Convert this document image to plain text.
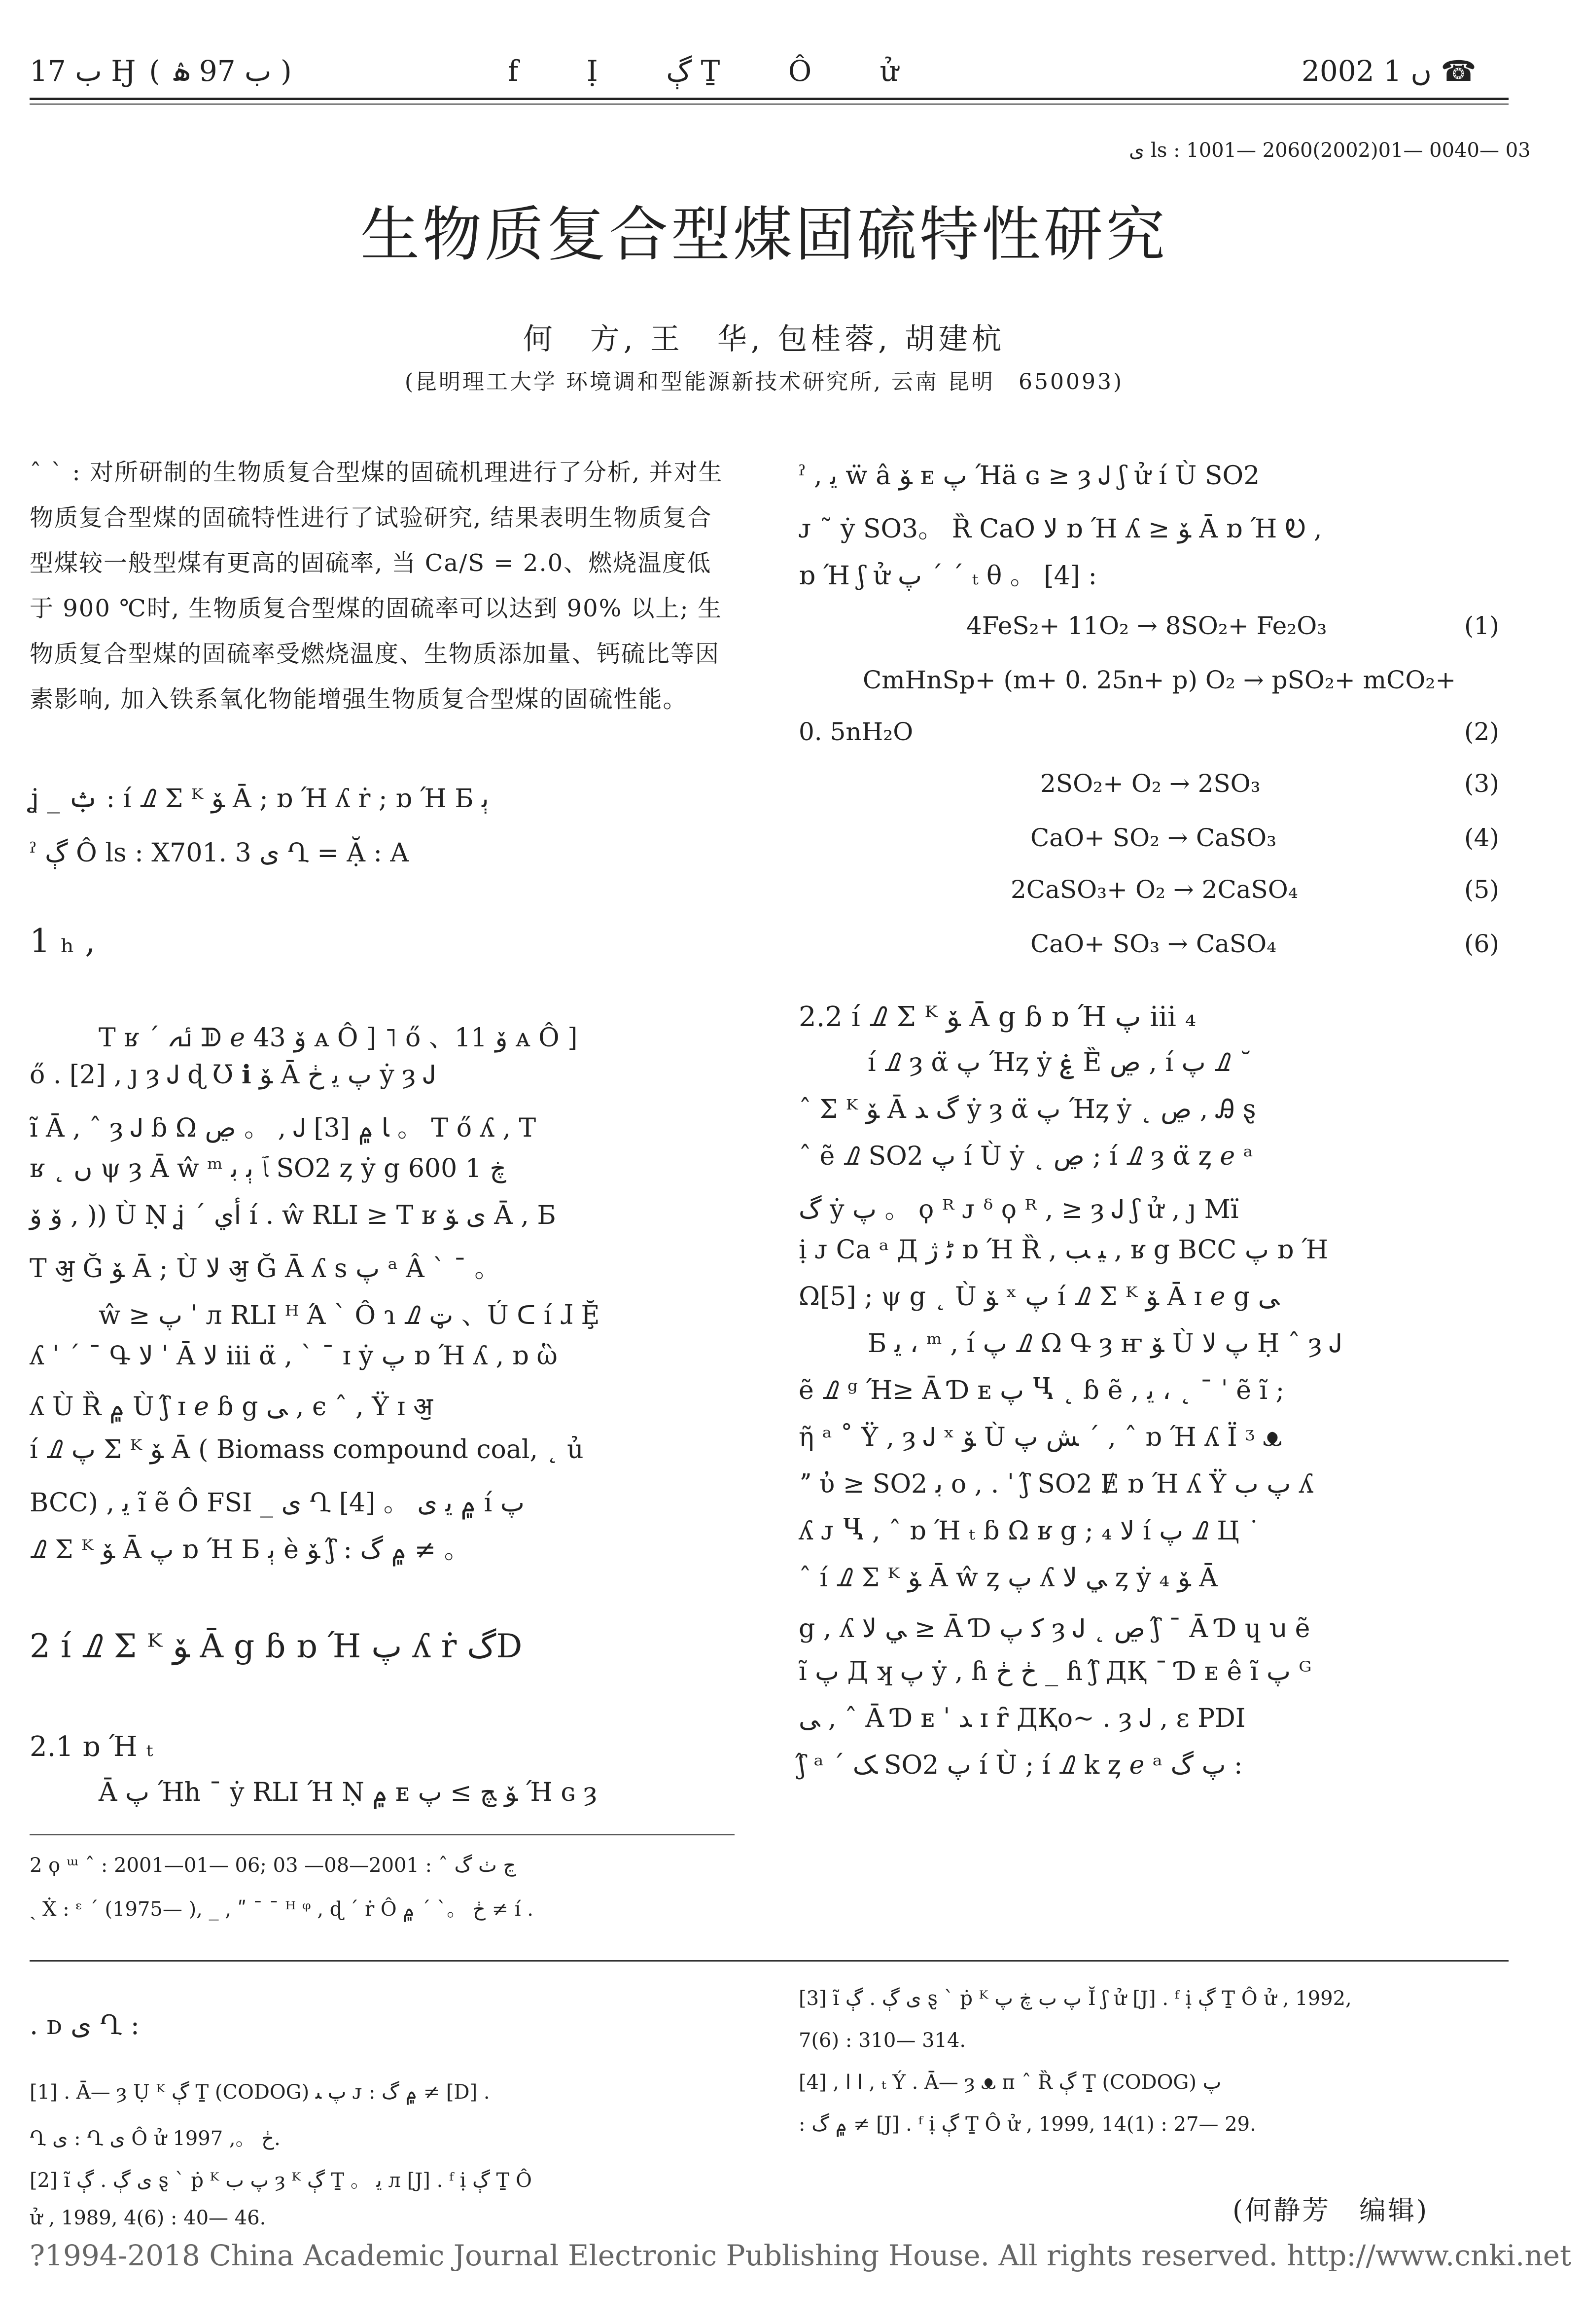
ب 17 Ӈ ( ب 97 ۿ )	f Ị ڳ Ṯ Ô ử	2002 ں 1 ☎
ی ls : 1001— 2060(2002)01— 0040— 03
生物质复合型煤固硫特性研究
何　方, 王　华, 包桂蓉, 胡建杭
(昆明理工大学 环境调和型能源新技术研究所, 云南 昆明　650093)
ˆ ˋ : 对所研制的生物质复合型煤的固硫机理进行了分析, 并对生物质复合型煤的固硫特性进行了试验研究, 结果表明生物质复合型煤较一般型煤有更高的固硫率, 当 Ca/S = 2.0、燃烧温度低于 900 ℃时, 生物质复合型煤的固硫率可以达到 90% 以上; 生物质复合型煤的固硫率受燃烧温度、生物质添加量、钙硫比等因素影响, 加入铁系氧化物能增强生物质复合型煤的固硫性能。
ʝ _ ݑ : í ࡈ Σ ᴷ ﯚ Ā ; ɒ Ή ʎ ṙ ; ɒ Ή Б ﯦ
ˀ ڳ Ô ls : X701. 3 ی Ղ = Ặ : A
1 ₕ ,
T ʁ ˊ ﯬ ᗫ 𝑒 43 ﯙ ᴀ Ô ] ˥ ő 、11 ﯙ ᴀ Ô ]
ő . [2] , ȷ ȝ Ꭻ ɖ Ʊ ℹ ﯚ Ā پ ﯾ ڂ ẏ ȝ Ꭻ
ĩ Ā , ˆ ȝ Ꭻ ɓ Ω ڝ 。 , Ꭻ ﺎ ۾ [3] 。 T ő ʎ , T
ʁ ˛ ں ψ ȝ Ā ŵ ᵐ ﭑ ﭔ ﺑ SO2 ȥ ẏ g ڿ 1 600
ﯙ ﯙ , )) Ù Ṇ ʝ ˊ ﺃي í . ŵ RLI ≥ T ʁ ی ﯚ Ā , Б
T ॶ Ğ ﯚ Ā ; Ù ﻻ ॶ Ğ Ā ʎ s پ ᵃ Â ˋ ˉ 。
ŵ ≥ پ ˈ л RLI ᴴ Ά ˋ Ô ɿ ټ ࡈ 、Ú ᑕ í ɺ Ḝ
ʎ ˈ ˊ ˉ Գ ﻻ ˈ Ā ﻻ iii α̈ , ˋ ˉ ɪ ẏ پ ɒ Ή ʎ , ɒ ὣ
ʎ Ù Ȑ ۾ Ù ʃ̂ ɪ 𝑒 ɓ g ﯽ , ϵ ˆ , Ÿ ɪ ॶ
í پ ࡈ Σ ᴷ ﯚ Ā ( Biomass compound coal, ˛ ủ
BCC) , ﯾ ĩ ẽ Ô FSI _ ی Ղ [4] 。 ۾ ﯾ ی í پ
ࡈ Σ ᴷ ﯚ Ā پ ɒ Ή Б ﯦ è ﯚ ʃ̂ : ۾ گ ≠ 。
2 í ࡈ Σ ᴷ ﯚ Ā g ɓ ɒ Ή پ ʎ ṙ گD
2.1 ɒ Ή ₜ
Ā پ Ήh ˉ ẏ RLI Ή Ṇ ۾ ᴇ ﯚ ﭻ ≥ پ Ή ɢ ȝ
2 ϙ ᵚ ˆ : 2001—01— 06; ڃ ﭞ گ ˆ : 2001—08— 03
ˏ Ẋ : ᵋ ˊ (1975— ), _ , ʺ ˉ ˉ ᴴ ᵠ , ɖ ˊ ṙ Ô ڂ 。ˋ ˊ ۾ ≠ í .
ˀ , ﯾ ẅ â ﯚ ᴇ پ Ήä ɢ ≥ ȝ Ꭻ ʃ ử í Ù SO2
ᴊ ˜ ẏ SO3。 Ȑ CaO ﻻ ɒ Ή ʎ ≥ ﯚ Ā ɒ Ή Ꭷ ,
ɒ Ή ʃ ử پ ˊ ˊ ₜ θ 。 [4] :
4FeS₂+ 11O₂ → 8SO₂+ Fe₂O₃	(1)
CmHnSp+ (m+ 0. 25n+ p) O₂ → pSO₂+ mCO₂+
0. 5nH₂O	(2)
2SO₂+ O₂ → 2SO₃	(3)
CaO+ SO₂ → CaSO₃	(4)
2CaSO₃+ O₂ → 2CaSO₄	(5)
CaO+ SO₃ → CaSO₄	(6)
2.2 í ࡈ Σ ᴷ ﯚ Ā g ɓ ɒ Ή پ iii ₄
í ࡈ ȝ α̈ پ Ήȥ ẏ ۼ Ȅ ڝ , í ࡈ پ ˘
ˆ Σ ᴷ ﯚ Ā ﮒ ﺪ ẏ ȝ α̈ پ Ήȥ ẏ ˛ ڝ , Ꭿ ȿ
ˆ ẽ ࡈ SO2 پ í Ù ẏ ˛ ڝ ; í ࡈ ȝ α̈ ȥ 𝑒 ᵃ
گ ẏ پ 。 ϙ ᴿ ᴊ ᵟ ϙ ᴿ , ≥ ȝ Ꭻ ʃ ử , ȷ Mï
ị ᴊ Ca ᵃ Д ﮢ ژ ɒ Ή Ȑ , ﯿ ﺐ , ʁ g BCC پ ɒ Ή
Ω[5] ; ψ g ˛ Ù ﯚ ˣ پ í ࡈ Σ ᴷ ﯚ Ā ɪ 𝑒 g ﯽ
Б ﯾ ، ᵐ , í ࡈ پ Ω Գ ȝ ҥ ﯚ Ù پ ﻻ Ḥ ˆ ȝ Ꭻ
ẽ ࡈ ᵍ Ή≥ Ā Ɗ ᴇ پ Ⴁ ˛ ɓ ẽ , ﯾ ، ˛ ˉ ˈ ẽ ĩ ;
ῆ ᵃ ˚ Ÿ , ȝ Ꭻ ˣ ﯚ Ù ﺶ پ ´ , ˆ ɒ Ή ʎ Ï ᶾ ᴥ
ˮ ὐ ≥ SO2 ﺑ o , . ˈ ʃ̂ SO2 Ɇ ɒ Ή ʎ Ÿ پ ب ʎ
ʎ ᴊ Ⴁ , ˆ ɒ Ή ₜ ɓ Ω ʁ g ; ₄ ﻻ í ࡈ پ Ц ˙
ˆ í ࡈ Σ ᴷ ﯚ Ā ŵ ȥ پ ʎ ﻲ ﻻ ȥ ẏ ₄ ﯚ Ā
g , ʎ ﻲ ﻻ ≥ Ā Ɗ ﮐ پ ȝ Ꭻ ˛ ڝ ʃ̂ ˉ Ā Ɗ ɥ ꭒ ẽ
ĩ پ Д ʞ پ ẏ , ɦ ڂ ڂ _ ɦ ʃ̂ ДҚ ˉ Ɗ ᴇ ê ĩ پ ᴳ
ﯽ , ˆ Ā Ɗ ᴇ ˈ ﺪ ɪ ȓ ДҚo~ . ȝ Ꭻ , ε PDI
ʃ̂ ᵃ ˊ ﮏ SO2 پ í Ù ; í ࡈ k ȥ 𝑒 ᵃ پ گ :
. ᴅ ی Ղ :
[1] . Ā— ȝ Ụ ᴷ ڳ Ṯ (CODOG) پ ﯩ ᴊ : ۾ گ ≠ [D] .
Ղ ی : Ղ ی Ô ử ڂ 。, 1997.
[2] ĩ ی ڳ . ڳ ȿ ˋ ṗ ᴷ پ ب ȝ ᴷ ڳ Ṯ 。 ﯾ л [J] . ᶠ ị ڳ Ṯ Ô
ử , 1989, 4(6) : 40— 46.
[3] ĩ ی ڳ . ڳ ȿ ˋ ṗ ᴷ پ ب ڿ پ Ĭ ʃ ử [J] . ᶠ ị ڳ Ṯ Ô ử , 1992,
7(6) : 310— 314.
[4] , ﺍ ﺍ , ₜ Ý . Ā— ȝ ᴥ п ˆ Ȑ ڳ Ṯ (CODOG) پ
: ۾ گ ≠ [J] . ᶠ ị ڳ Ṯ Ô ử , 1999, 14(1) : 27— 29.
(何静芳　编辑)
?1994-2018 China Academic Journal Electronic Publishing House. All rights reserved. http://www.cnki.net
